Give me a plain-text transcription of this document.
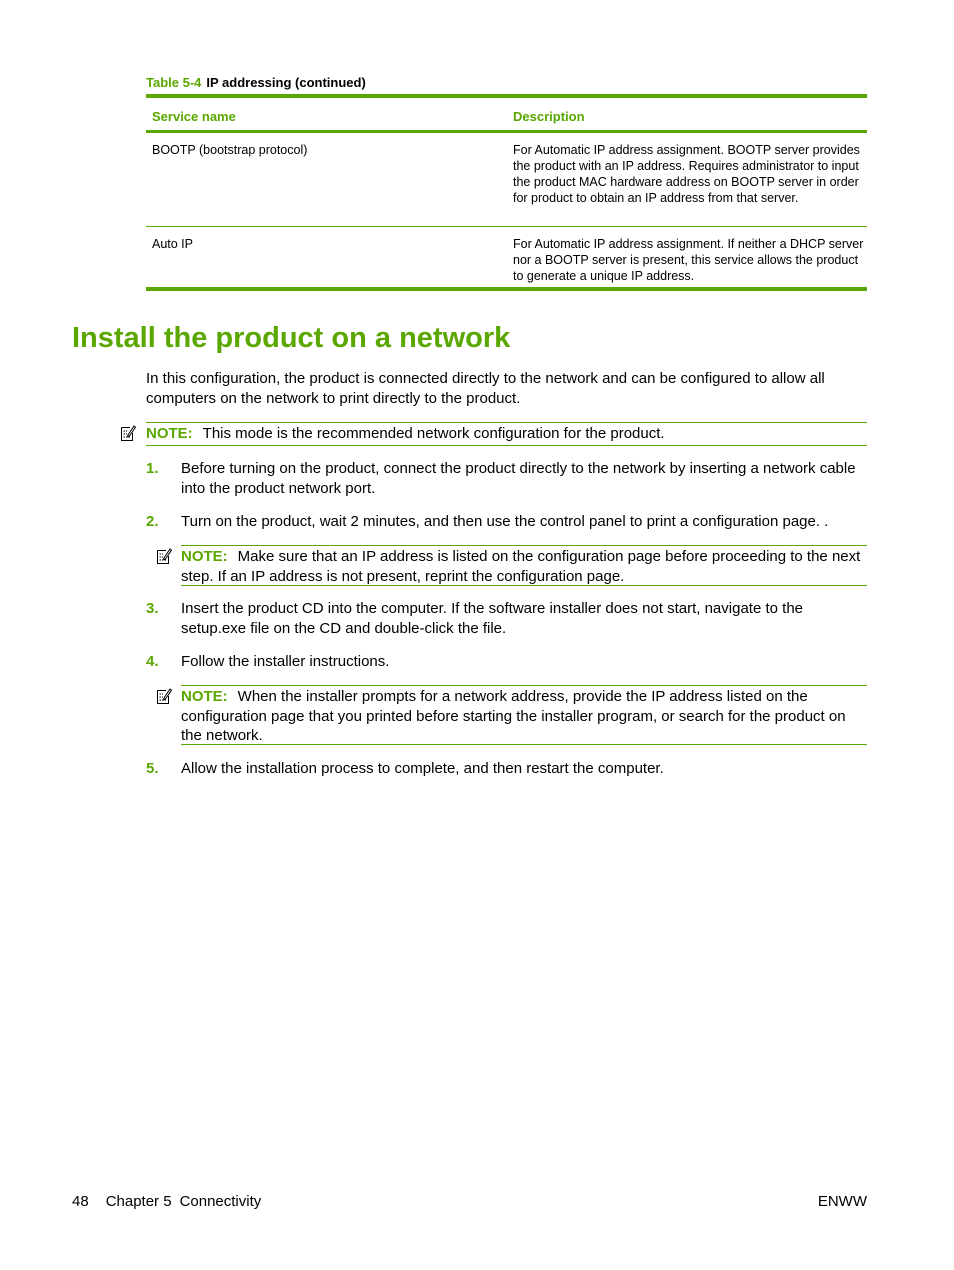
Table 5-4 IP addressing (continued)
Service name	Description
BOOTP (bootstrap protocol)	For Automatic IP address assignment. BOOTP server provides the product with an IP address. Requires administrator to input the product MAC hardware address on BOOTP server in order for product to obtain an IP address from that server.
Auto IP	For Automatic IP address assignment. If neither a DHCP server nor a BOOTP server is present, this service allows the product to generate a unique IP address.
Install the product on a network
In this configuration, the product is connected directly to the network and can be configured to allow all computers on the network to print directly to the product.
NOTE: This mode is the recommended network configuration for the product.
1. Before turning on the product, connect the product directly to the network by inserting a network cable into the product network port.
2. Turn on the product, wait 2 minutes, and then use the control panel to print a configuration page. .
NOTE: Make sure that an IP address is listed on the configuration page before proceeding to the next step. If an IP address is not present, reprint the configuration page.
3. Insert the product CD into the computer. If the software installer does not start, navigate to the setup.exe file on the CD and double-click the file.
4. Follow the installer instructions.
NOTE: When the installer prompts for a network address, provide the IP address listed on the configuration page that you printed before starting the installer program, or search for the product on the network.
5. Allow the installation process to complete, and then restart the computer.
48 Chapter 5 Connectivity	ENWW
